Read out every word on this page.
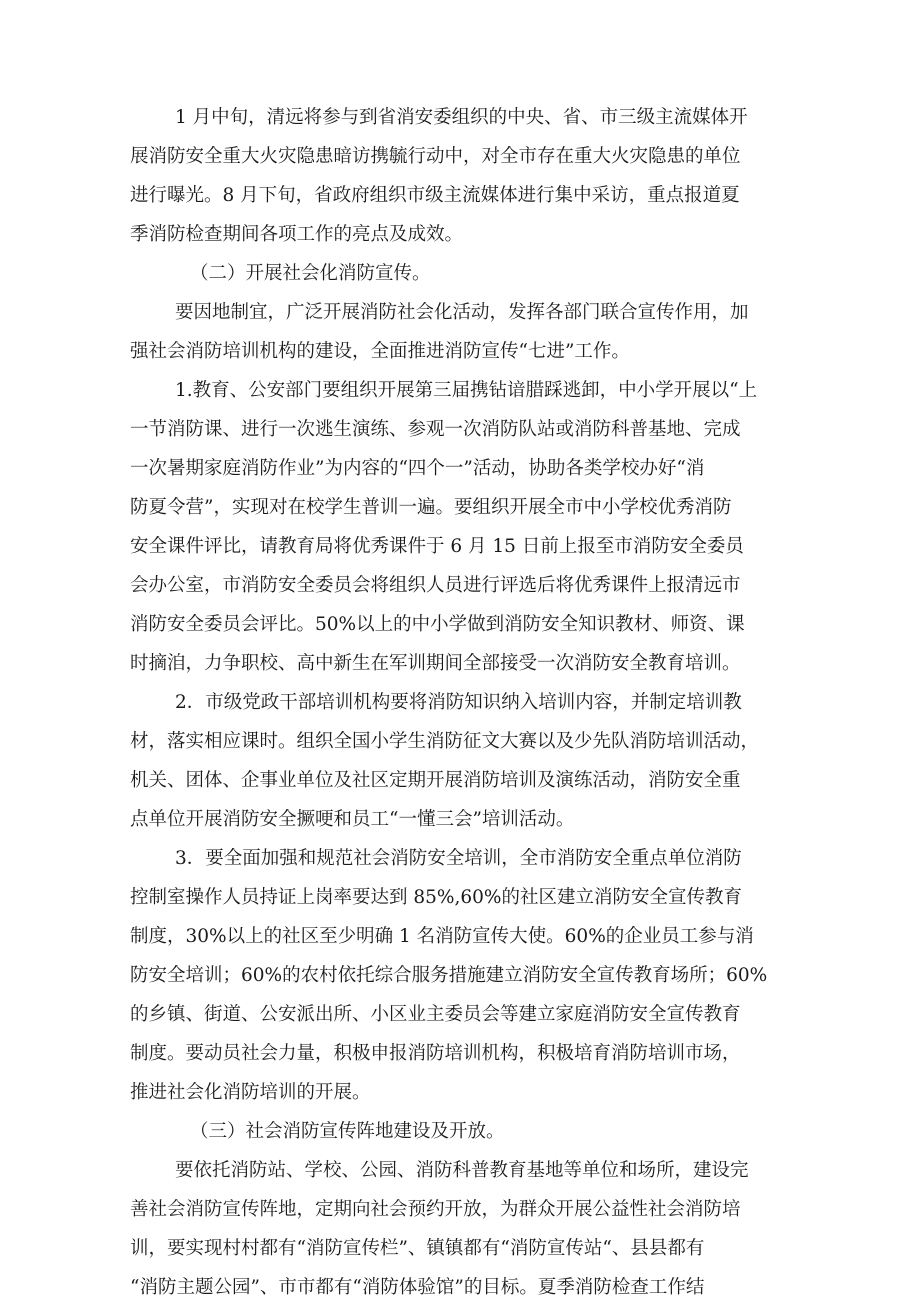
1 月中旬，清远将参与到省消安委组织的中央、省、市三级主流媒体开
展消防安全重大火灾隐患暗访携毓行动中，对全市存在重大火灾隐患的单位
进行曝光。8 月下旬，省政府组织市级主流媒体进行集中采访，重点报道夏
季消防检查期间各项工作的亮点及成效。
（二）开展社会化消防宣传。
要因地制宜，广泛开展消防社会化活动，发挥各部门联合宣传作用，加
强社会消防培训机构的建设，全面推进消防宣传“七进”工作。
1.教育、公安部门要组织开展第三届携钻谙腊踩逃卸，中小学开展以“上
一节消防课、进行一次逃生演练、参观一次消防队站或消防科普基地、完成
一次暑期家庭消防作业”为内容的“四个一”活动，协助各类学校办好“消
防夏令营”，实现对在校学生普训一遍。要组织开展全市中小学校优秀消防
安全课件评比，请教育局将优秀课件于 6 月 15 日前上报至市消防安全委员
会办公室，市消防安全委员会将组织人员进行评选后将优秀课件上报清远市
消防安全委员会评比。50%以上的中小学做到消防安全知识教材、师资、课
时摘洎，力争职校、高中新生在军训期间全部接受一次消防安全教育培训。
2．市级党政干部培训机构要将消防知识纳入培训内容，并制定培训教
材，落实相应课时。组织全国小学生消防征文大赛以及少先队消防培训活动，
机关、团体、企事业单位及社区定期开展消防培训及演练活动，消防安全重
点单位开展消防安全撅哽和员工“一懂三会”培训活动。
3．要全面加强和规范社会消防安全培训，全市消防安全重点单位消防
控制室操作人员持证上岗率要达到 85%,60%的社区建立消防安全宣传教育
制度，30%以上的社区至少明确 1 名消防宣传大使。60%的企业员工参与消
防安全培训；60%的农村依托综合服务措施建立消防安全宣传教育场所；60%
的乡镇、街道、公安派出所、小区业主委员会等建立家庭消防安全宣传教育
制度。要动员社会力量，积极申报消防培训机构，积极培育消防培训市场，
推进社会化消防培训的开展。
（三）社会消防宣传阵地建设及开放。
要依托消防站、学校、公园、消防科普教育基地等单位和场所，建设完
善社会消防宣传阵地，定期向社会预约开放，为群众开展公益性社会消防培
训，要实现村村都有“消防宣传栏”、镇镇都有“消防宣传站“、县县都有
“消防主题公园”、市市都有“消防体验馆”的目标。夏季消防检查工作结
